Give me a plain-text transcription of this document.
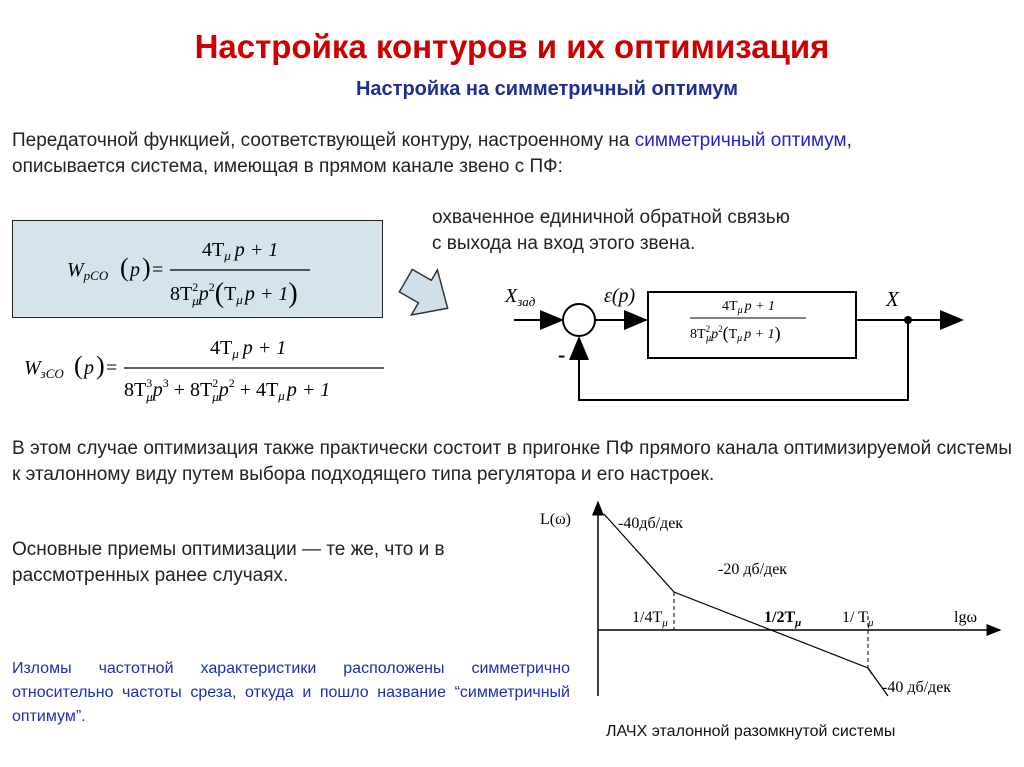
Настройка контуров и их оптимизация
Настройка на симметричный оптимум
Передаточной функцией, соответствующей контуру, настроенному на симметричный оптимум, описывается система, имеющая в прямом канале звено с ПФ:
$W_{pCO}$ ( p ) =
$4T_\mu$ p + 1
$8T^2$ $\mu p^2(T_\mu$ p + 1)
$W_{зCO}$ ( p ) =
$4T_\mu$ p + 1
$8T^3$ $\mu p^3 + 8T^2$ $\mu p^2 + 4T_\mu$ p + 1
охваченное единичной обратной связью
с выхода на вход этого звена.
$X_{зад}$	ε(p)	$4T_\mu$ p + 1
$8T^2$ $\mu p^2(T_\mu$ p + 1)
X
-
В этом случае оптимизация также практически состоит в пригонке ПФ прямого канала оптимизируемой системы к эталонному виду путем выбора подходящего типа регулятора и его настроек.
Основные приемы оптимизации — те же, что и в рассмотренных ранее случаях.
Изломы частотной характеристики расположены симметрично относительно частоты среза, откуда и пошло название “симметричный оптимум”.
L(ω)
lgω
-40дб/дек
-20 дб/дек
-40 дб/дек
$1/4T_\mu$	$1/2T_\mu$	1/ $T_\mu$
ЛАЧХ эталонной разомкнутой системы
